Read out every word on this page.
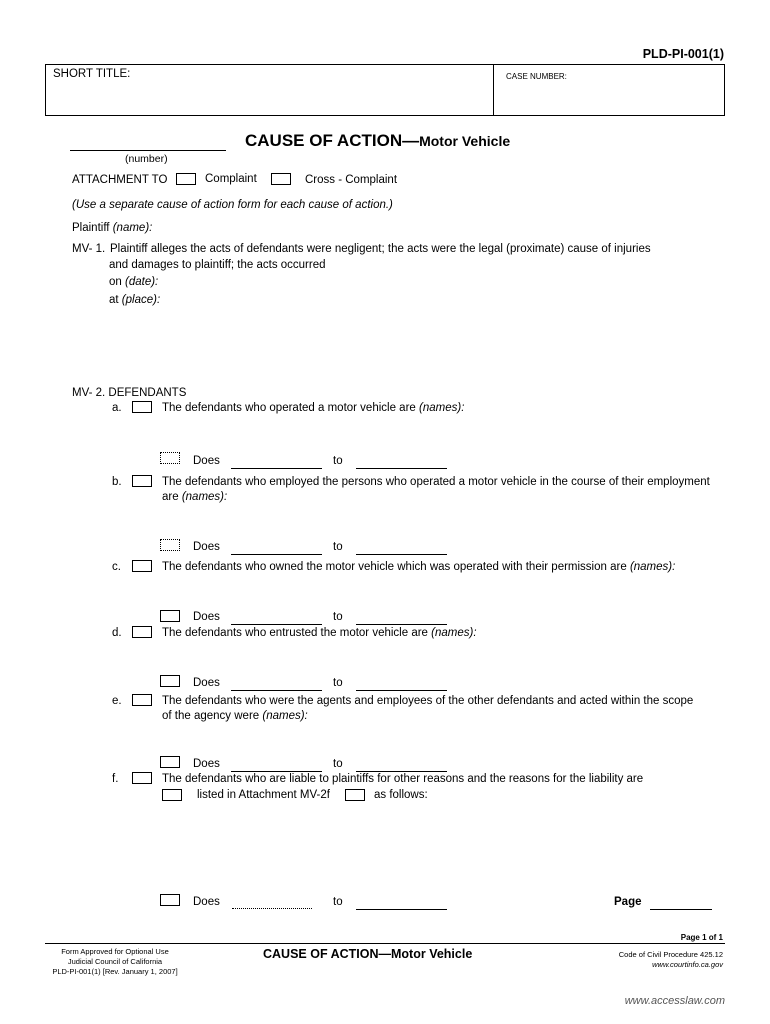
PLD-PI-001(1)
SHORT TITLE:	CASE NUMBER:
(number)
CAUSE OF ACTION—Motor Vehicle
ATTACHMENT TO	Complaint	Cross - Complaint
(Use a separate cause of action form for each cause of action.)
Plaintiff (name):
MV- 1. Plaintiff alleges the acts of defendants were negligent; the acts were the legal (proximate) cause of injuries
and damages to plaintiff; the acts occurred
on (date):
at (place):
MV- 2. DEFENDANTS
a.	The defendants who operated a motor vehicle are (names):
Does	to
b.	The defendants who employed the persons who operated a motor vehicle in the course of their employment
are (names):
Does	to
c.	The defendants who owned the motor vehicle which was operated with their permission are (names):
Does	to
d.	The defendants who entrusted the motor vehicle are (names):
Does	to
e.	The defendants who were the agents and employees of the other defendants and acted within the scope
of the agency were (names):
Does	to
f.	The defendants who are liable to plaintiffs for other reasons and the reasons for the liability are
listed in Attachment MV-2f	as follows:
Does	to	Page
Page 1 of 1
Form Approved for Optional Use
Judicial Council of California
PLD-PI-001(1) [Rev. January 1, 2007]
CAUSE OF ACTION—Motor Vehicle	Code of Civil Procedure 425.12
www.courtinfo.ca.gov
www.accesslaw.com
